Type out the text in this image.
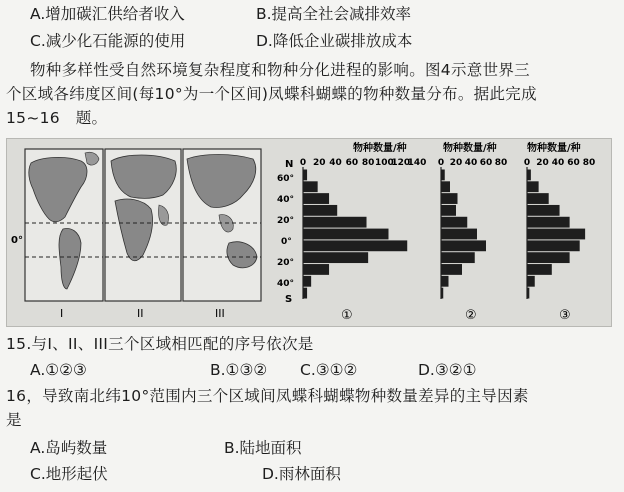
A.增加碳汇供给者收入	B.提高全社会减排效率
C.减少化石能源的使用	D.降低企业碳排放成本
物种多样性受自然环境复杂程度和物种分化进程的影响。图4示意世界三
个区域各纬度区间(每10°为一个区间)凤蝶科蝴蝶的物种数量分布。据此完成
15~16　题。
I	II	III
0°
N
60°
40°
20°
0°
20°
40°
S
物种数量/种
0 20 40 60 80 100
120
140
①
物种数量/种
0 20 40 60 80
②
物种数量/种
0 20 40 60 80
③
15.与I、II、III三个区域相匹配的序号依次是
A.①②③	B.①③② C.③①②	D.③②①
16，导致南北纬10°范围内三个区域间凤蝶科蝴蝶物种数量差异的主导因素
是
A.岛屿数量	B.陆地面积
C.地形起伏	D.雨林面积
